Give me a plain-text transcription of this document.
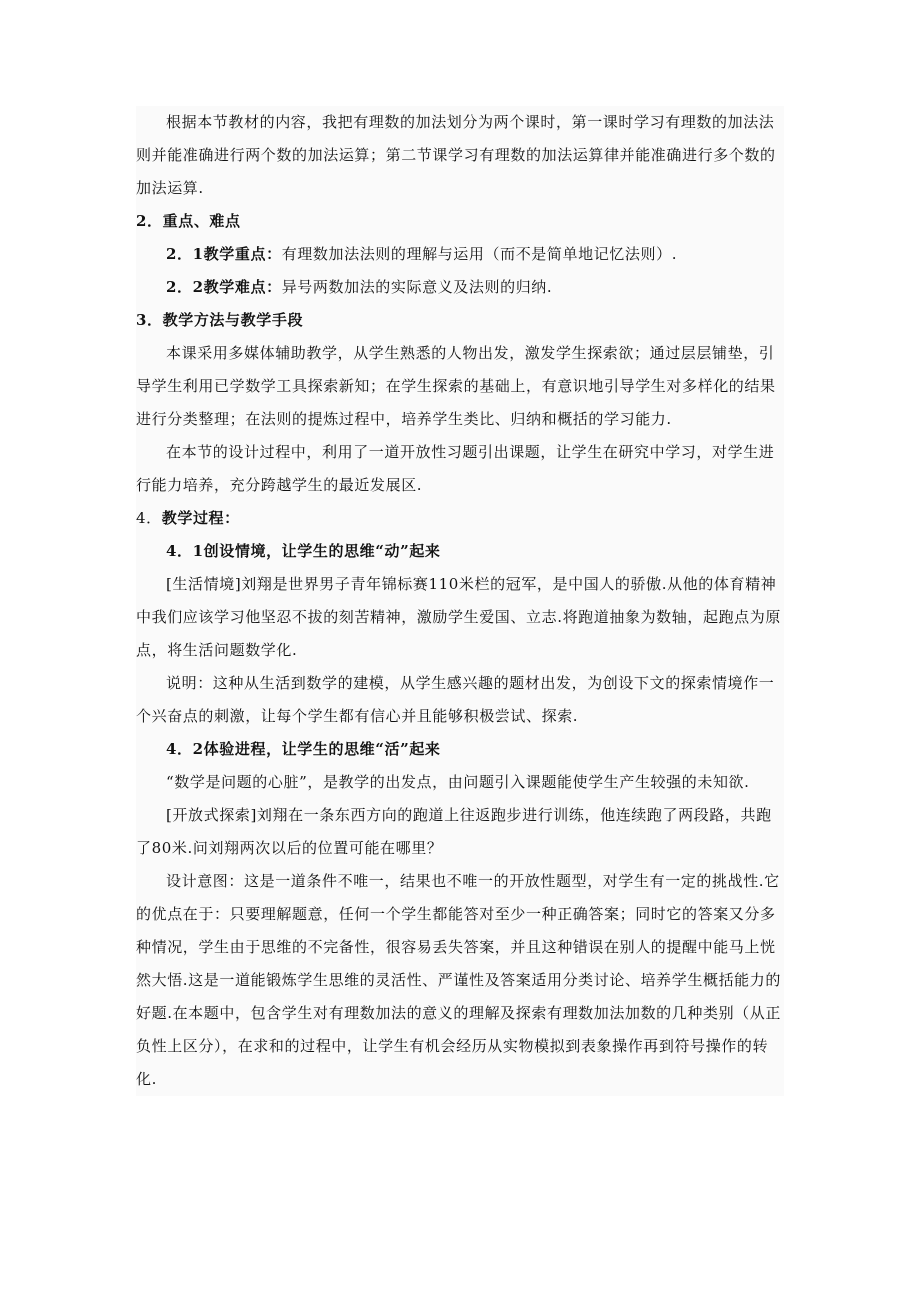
根据本节教材的内容，我把有理数的加法划分为两个课时，第一课时学习有理数的加法法则并能准确进行两个数的加法运算；第二节课学习有理数的加法运算律并能准确进行多个数的加法运算.

2．重点、难点

2．1教学重点：有理数加法法则的理解与运用（而不是简单地记忆法则）.

2．2教学难点：异号两数加法的实际意义及法则的归纳.

3．教学方法与教学手段

本课采用多媒体辅助教学，从学生熟悉的人物出发，激发学生探索欲；通过层层铺垫，引导学生利用已学数学工具探索新知；在学生探索的基础上，有意识地引导学生对多样化的结果进行分类整理；在法则的提炼过程中，培养学生类比、归纳和概括的学习能力.

在本节的设计过程中，利用了一道开放性习题引出课题，让学生在研究中学习，对学生进行能力培养，充分跨越学生的最近发展区.

4．教学过程：

4．1创设情境，让学生的思维“动”起来

[生活情境]刘翔是世界男子青年锦标赛110米栏的冠军，是中国人的骄傲.从他的体育精神中我们应该学习他坚忍不拔的刻苦精神，激励学生爱国、立志.将跑道抽象为数轴，起跑点为原点，将生活问题数学化.

说明：这种从生活到数学的建模，从学生感兴趣的题材出发，为创设下文的探索情境作一个兴奋点的刺激，让每个学生都有信心并且能够积极尝试、探索.

4．2体验进程，让学生的思维“活”起来

“数学是问题的心脏”，是教学的出发点，由问题引入课题能使学生产生较强的未知欲.

[开放式探索]刘翔在一条东西方向的跑道上往返跑步进行训练，他连续跑了两段路，共跑了80米.问刘翔两次以后的位置可能在哪里？

设计意图：这是一道条件不唯一，结果也不唯一的开放性题型，对学生有一定的挑战性.它的优点在于：只要理解题意，任何一个学生都能答对至少一种正确答案；同时它的答案又分多种情况，学生由于思维的不完备性，很容易丢失答案，并且这种错误在别人的提醒中能马上恍然大悟.这是一道能锻炼学生思维的灵活性、严谨性及答案适用分类讨论、培养学生概括能力的好题.在本题中，包含学生对有理数加法的意义的理解及探索有理数加法加数的几种类别（从正负性上区分），在求和的过程中，让学生有机会经历从实物模拟到表象操作再到符号操作的转化.
